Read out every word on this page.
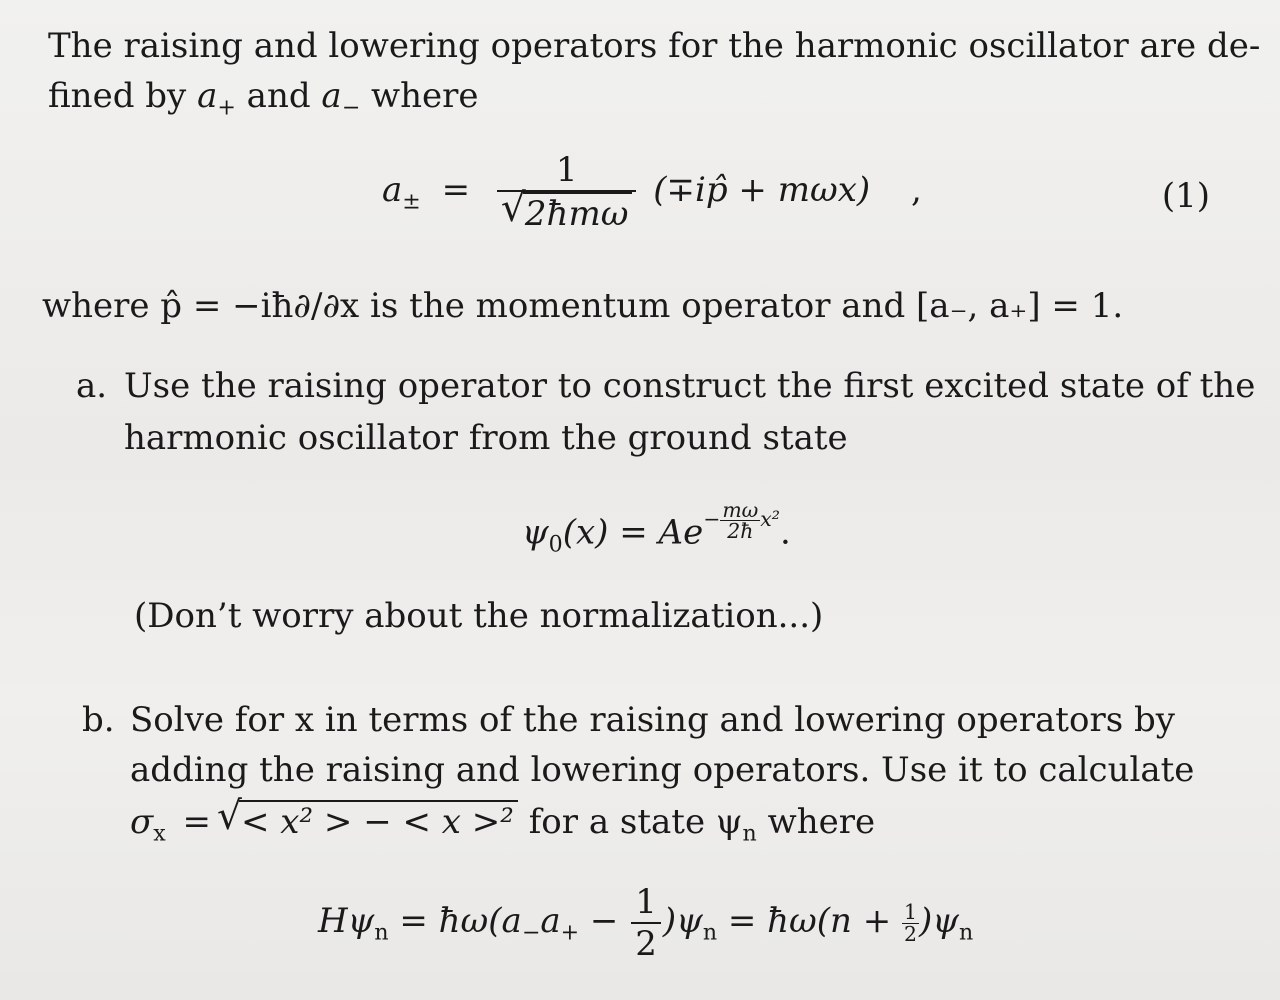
The raising and lowering operators for the harmonic oscillator are de-
fined by $a_+$ and $a_-$ where
$a_\pm = 1$
√ 2ħmω (∓ip̂ + mωx) ,	(1)
where p̂ = −iħ∂/∂x is the momentum operator and [a₋, a₊] = 1.
a. Use the raising operator to construct the first excited state of the
harmonic oscillator from the ground state
$\psi_0(x) = Ae^{- \frac{m\omega}{2ħ} x^2}$.
(Don’t worry about the normalization...)
b. Solve for x in terms of the raising and lowering operators by
adding the raising and lowering operators. Use it to calculate
$\sigma_x$ =√ < x² > − < x >² for a state $\psi_n$ where
$H\psi_n$ = $ħ\omega(a_-a_+ - \frac{1}{2} )\psi_n$ = ħω(n + $\frac{1}{2} )\psi_n$
